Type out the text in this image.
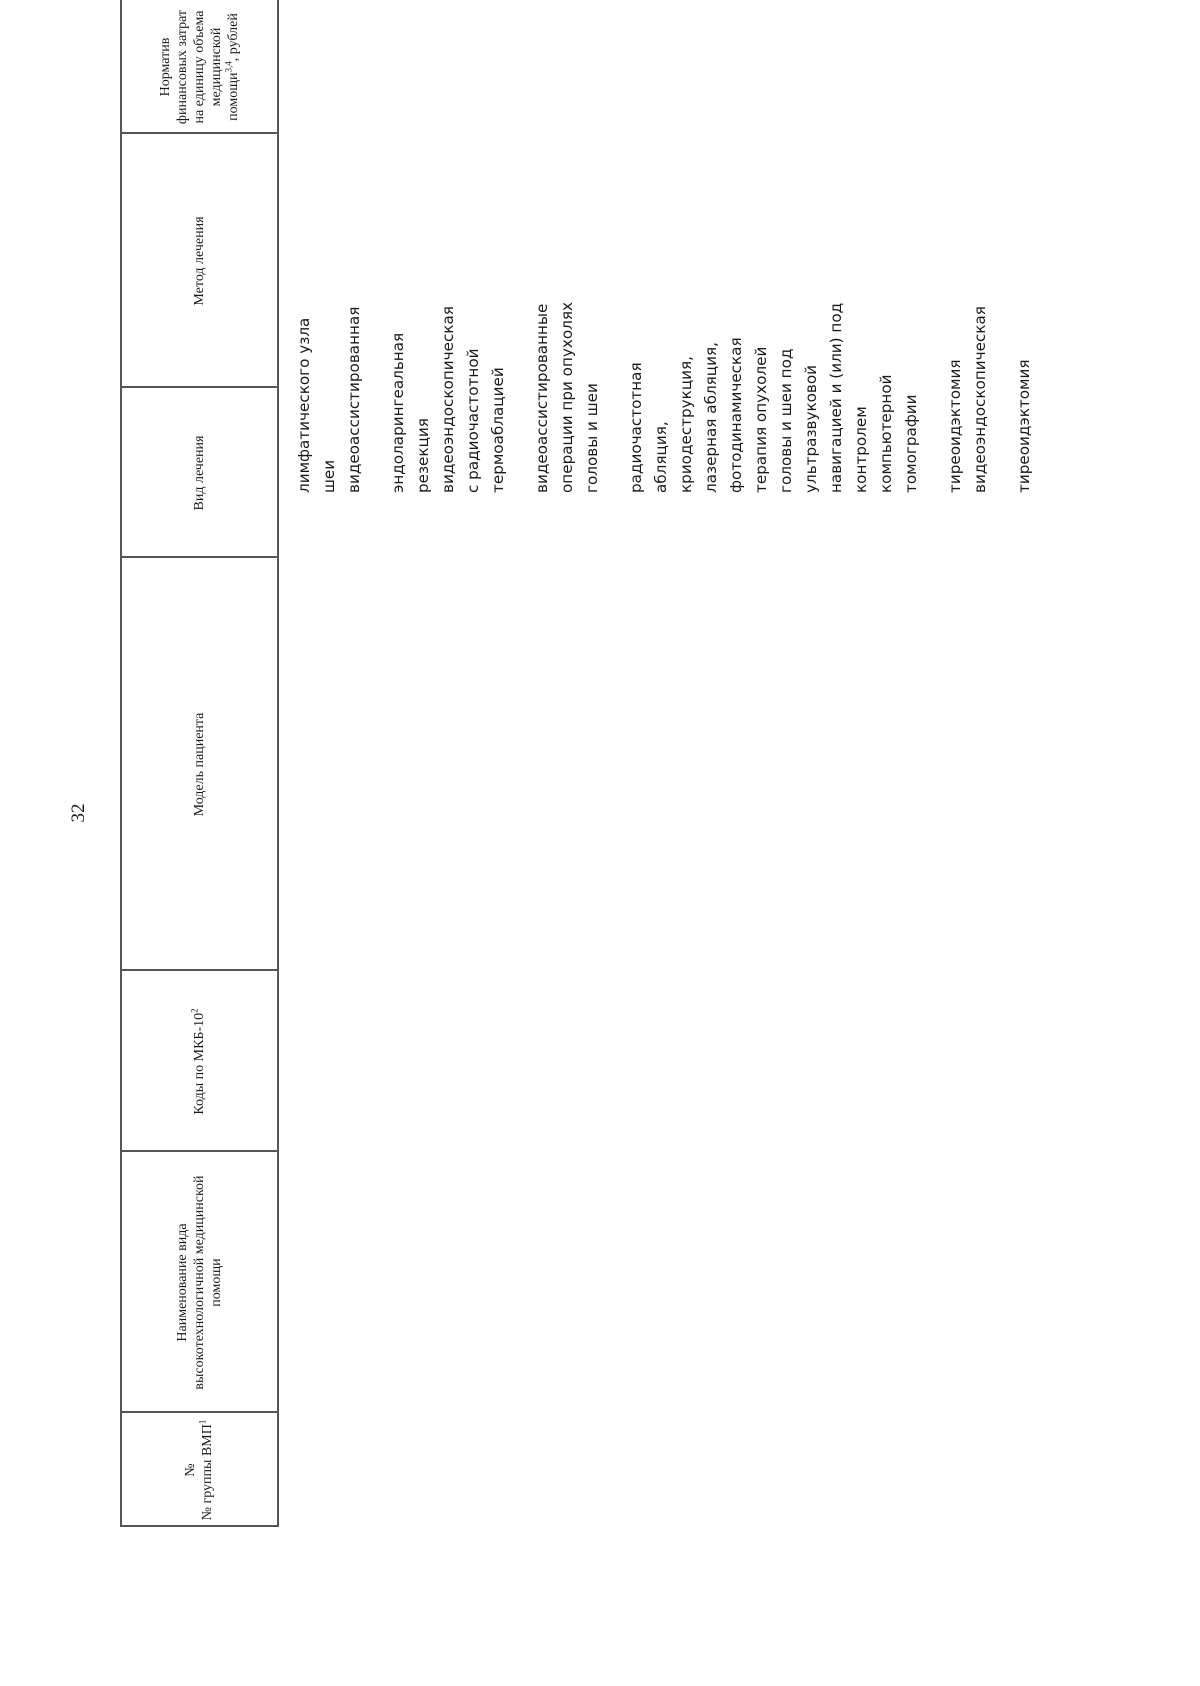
32
№ № группы ВМП$^1$
Наименование вида высокотехнологичной медицинской помощи
Коды по МКБ-$10^2$
Модель пациента
Вид лечения
Метод лечения
Норматив финансовых затрат на единицу объема медицинской помощи$^{3,4}$, рублей
лимфатического узла шеи видеоассистированная эндоларингеальная резекция видеоэндоскопическая с радиочастотной термоаблацией видеоассистированные операции при опухолях головы и шеи радиочастотная абляция, криодеструкция, лазерная абляция, фотодинамическая терапия опухолей головы и шеи под ультразвуковой навигацией и (или) под контролем компьютерной томографии тиреоидэктомия видеоэндоскопическая тиреоидэктомия
